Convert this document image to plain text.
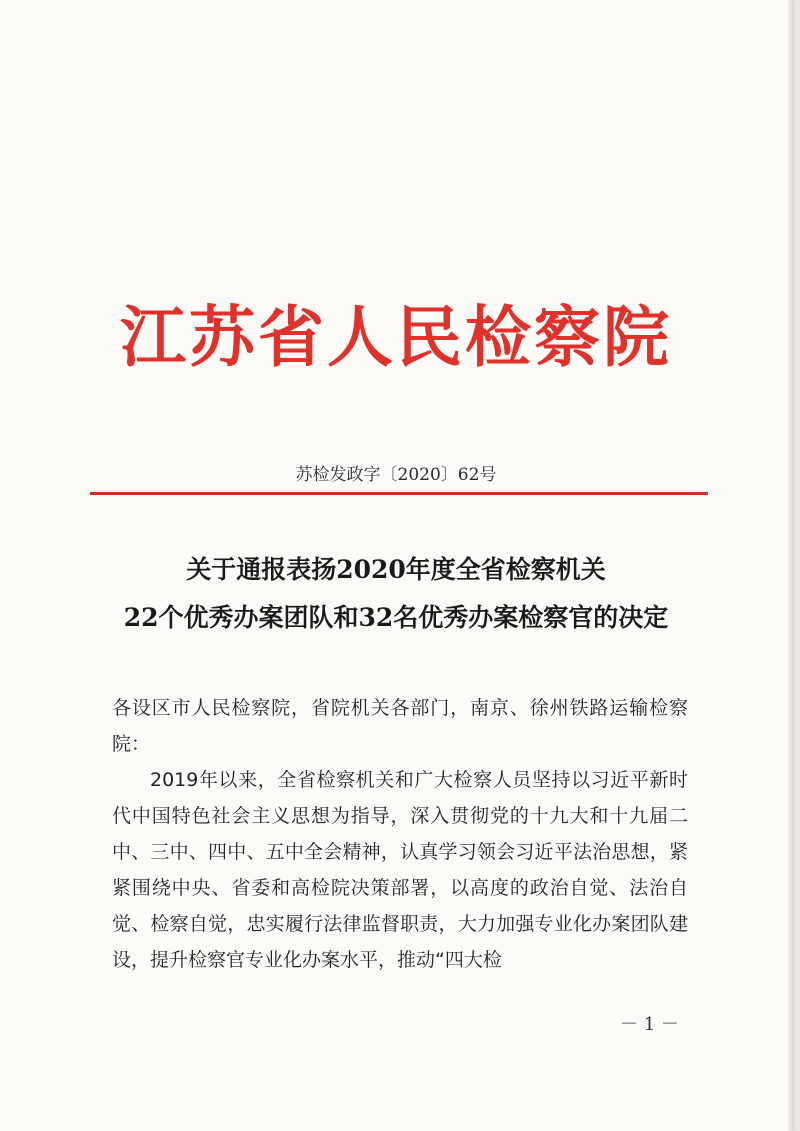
江苏省人民检察院

苏检发政字〔2020〕62号

关于通报表扬2020年度全省检察机关
22个优秀办案团队和32名优秀办案检察官的决定

各设区市人民检察院，省院机关各部门，南京、徐州铁路运输检察院：

2019年以来，全省检察机关和广大检察人员坚持以习近平新时代中国特色社会主义思想为指导，深入贯彻党的十九大和十九届二中、三中、四中、五中全会精神，认真学习领会习近平法治思想，紧紧围绕中央、省委和高检院决策部署，以高度的政治自觉、法治自觉、检察自觉，忠实履行法律监督职责，大力加强专业化办案团队建设，提升检察官专业化办案水平，推动“四大检

－ 1 －
